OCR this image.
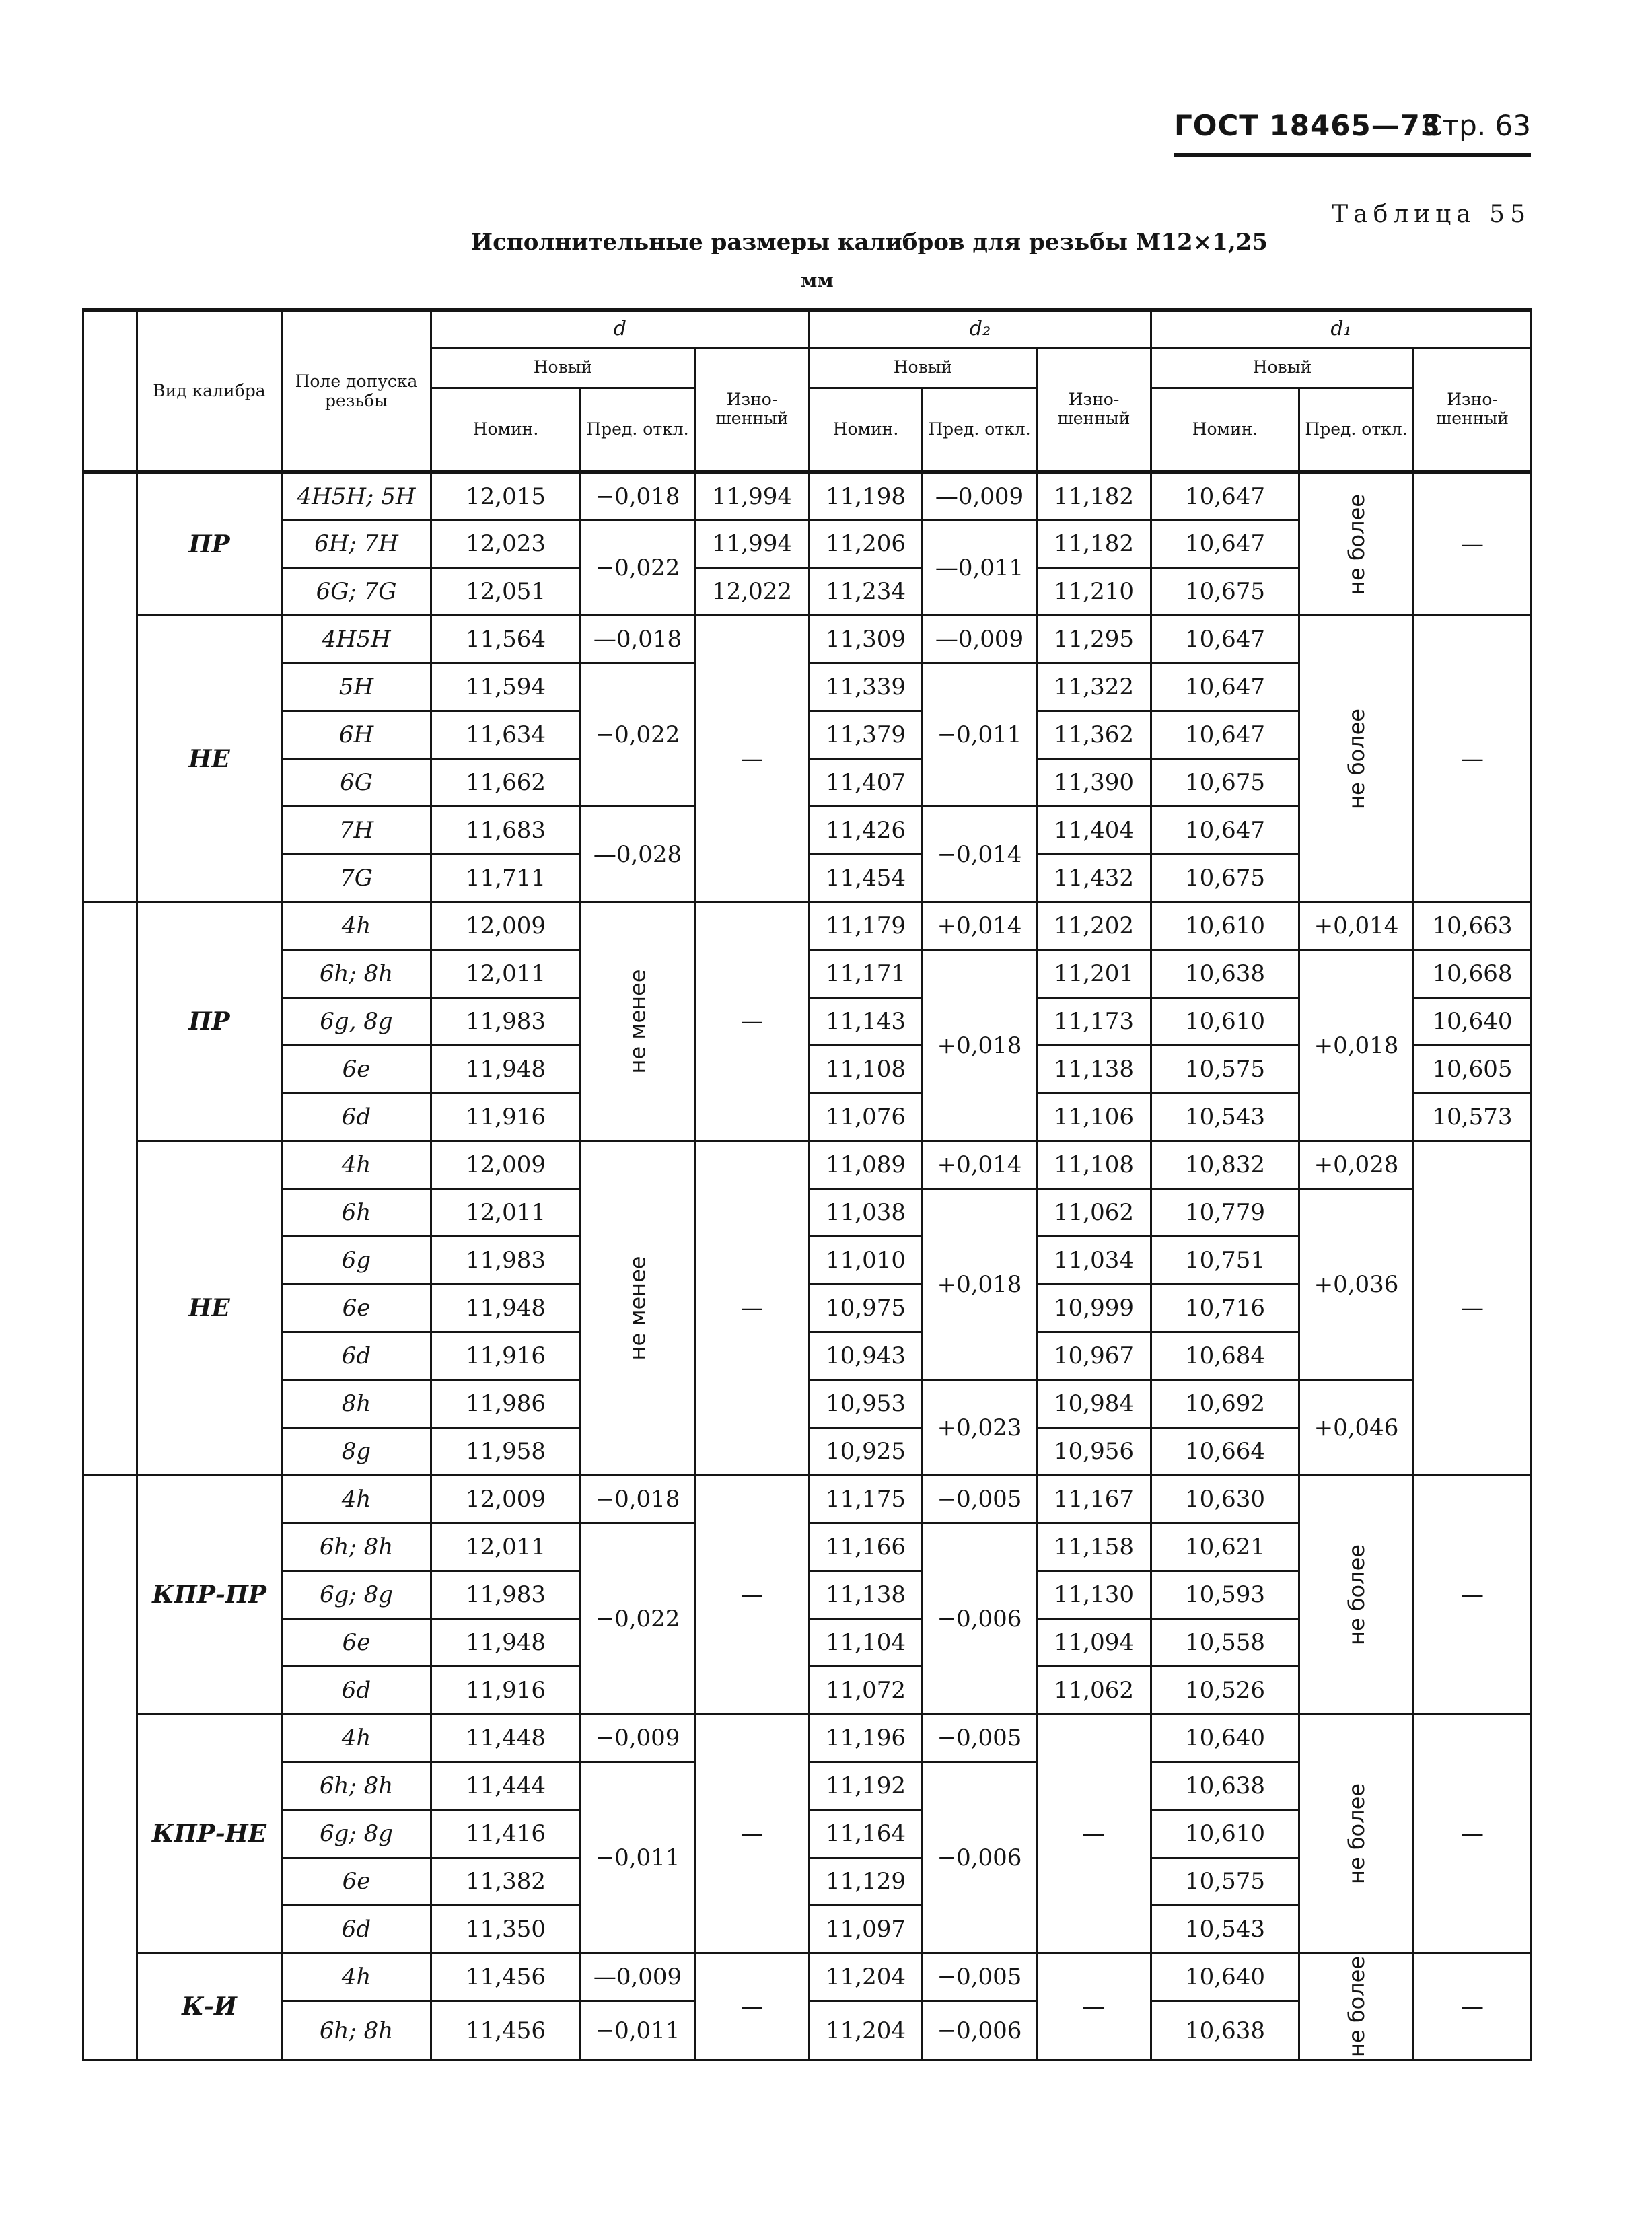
ГОСТ 18465—73
Стр. 63
Таблица 55
Исполнительные размеры калибров для резьбы М12×1,25
мм
	Вид калибра	Поле допуска резьбы	d			d₂			d₁		
			Новый		Изно-шенный	Новый		Изно-шенный	Новый		Изно-шенный
			Номин.	Пред. откл.		Номин.	Пред. откл.		Номин.	Пред. откл.	
	ПР	4H5H; 5H	12,015	−0,018	11,994	11,198	—0,009	11,182	10,647	не более	—
		6H; 7H	12,023	−0,022	11,994	11,206	—0,011	11,182	10,647		
		6G; 7G	12,051		12,022	11,234		11,210	10,675		
	НЕ	4H5H	11,564	—0,018	—	11,309	—0,009	11,295	10,647	не более	—
		5H	11,594	−0,022		11,339	−0,011	11,322	10,647		
		6H	11,634			11,379		11,362	10,647		
		6G	11,662			11,407		11,390	10,675		
		7H	11,683	—0,028		11,426	−0,014	11,404	10,647		
		7G	11,711			11,454		11,432	10,675		
	ПР	4h	12,009	не менее	—	11,179	+0,014	11,202	10,610	+0,014	10,663
		6h; 8h	12,011			11,171	+0,018	11,201	10,638	+0,018	10,668
		6g, 8g	11,983			11,143		11,173	10,610		10,640
		6e	11,948			11,108		11,138	10,575		10,605
		6d	11,916			11,076		11,106	10,543		10,573
	НЕ	4h	12,009	не менее	—	11,089	+0,014	11,108	10,832	+0,028	—
		6h	12,011			11,038	+0,018	11,062	10,779	+0,036	
		6g	11,983			11,010		11,034	10,751		
		6e	11,948			10,975		10,999	10,716		
		6d	11,916			10,943		10,967	10,684		
		8h	11,986			10,953	+0,023	10,984	10,692	+0,046	
		8g	11,958			10,925		10,956	10,664		
	КПР-ПР	4h	12,009	−0,018	—	11,175	−0,005	11,167	10,630	не более	—
		6h; 8h	12,011	−0,022		11,166	−0,006	11,158	10,621		
		6g; 8g	11,983			11,138		11,130	10,593		
		6e	11,948			11,104		11,094	10,558		
		6d	11,916			11,072		11,062	10,526		
	КПР-НЕ	4h	11,448	−0,009	—	11,196	−0,005	—	10,640	не более	—
		6h; 8h	11,444	−0,011		11,192	−0,006		10,638		
		6g; 8g	11,416			11,164			10,610		
		6e	11,382			11,129			10,575		
		6d	11,350			11,097			10,543		
	К-И	4h	11,456	—0,009	—	11,204	−0,005	—	10,640	не более	—
		6h; 8h	11,456	−0,011		11,204	−0,006		10,638		
